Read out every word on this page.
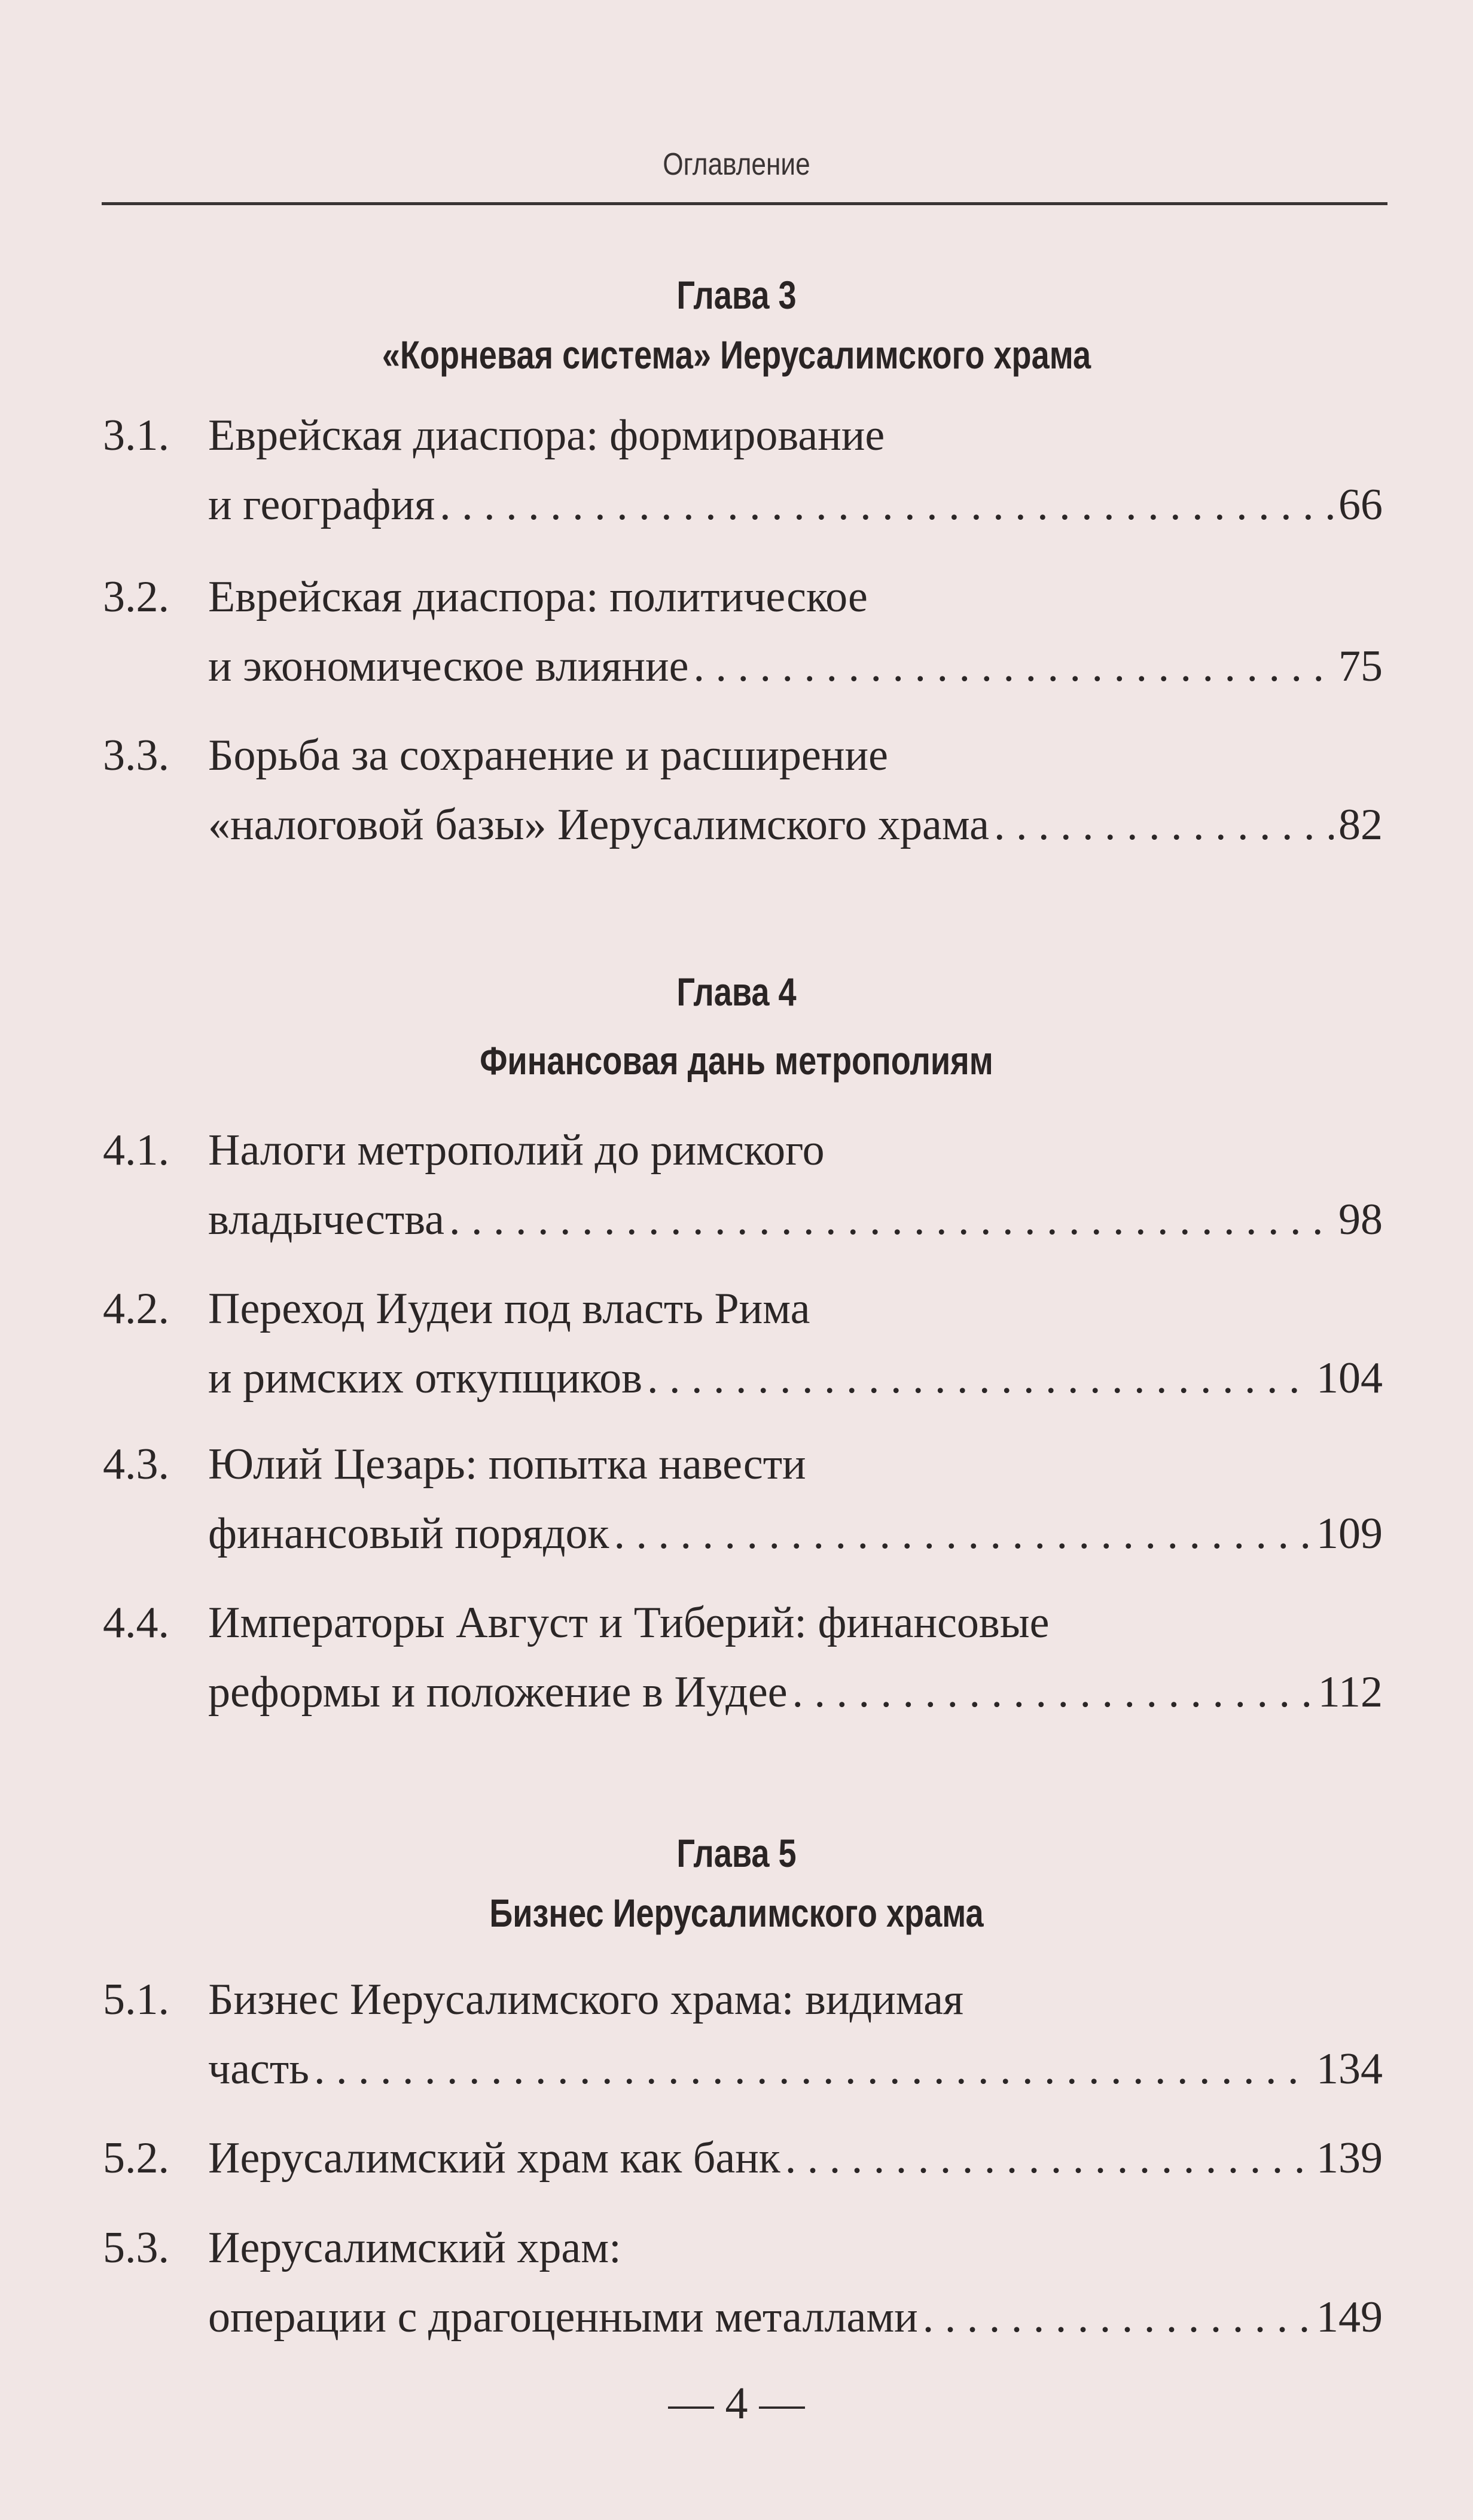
Оглавление
Глава 3
«Корневая система» Иерусалимского храма
3.1. Еврейская диаспора: формирование
и география . . .	66
3.2. Еврейская диаспора: политическое
и экономическое влияние . . .	75
3.3. Борьба за сохранение и расширение
«налоговой базы» Иерусалимского храма . . .	82
Глава 4
Финансовая дань метрополиям
4.1. Налоги метрополий до римского
владычества . . .	98
4.2. Переход Иудеи под власть Рима
и римских откупщиков . . .	104
4.3. Юлий Цезарь: попытка навести
финансовый порядок . . .	109
4.4. Императоры Август и Тиберий: финансовые
реформы и положение в Иудее . . .	112
Глава 5
Бизнес Иерусалимского храма
5.1. Бизнес Иерусалимского храма: видимая
часть . . .	134
5.2. Иерусалимский храм как банк . . .	139
5.3. Иерусалимский храм:
операции с драгоценными металлами . . .	149
— 4 —
